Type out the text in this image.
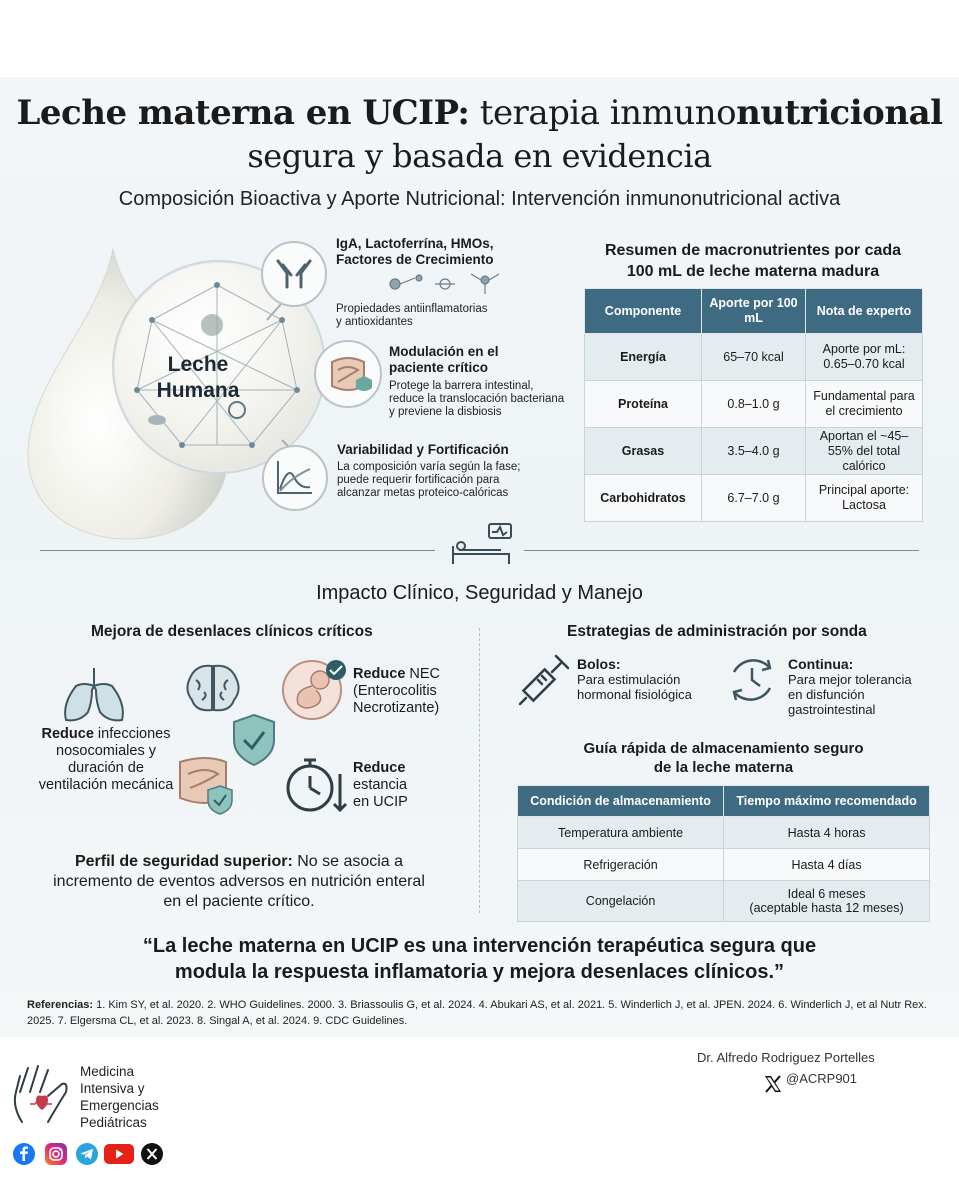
Leche materna en UCIP: terapia inmunonutricional
segura y basada en evidencia
Composición Bioactiva y Aporte Nutricional: Intervención inmunonutricional activa
Leche
Humana
IgA, Lactoferrína, HMOs,
Factores de Crecimiento
Propiedades antiinflamatorias
y antioxidantes
Modulación en el
paciente crítico
Protege la barrera intestinal,
reduce la translocación bacteriana
y previene la disbiosis
Variabilidad y Fortificación
La composición varía según la fase;
puede requerir fortificación para
alcanzar metas proteico-calóricas
Resumen de macronutrientes por cada
100 mL de leche materna madura
Componente	Aporte por 100 mL	Nota de experto
Energía	65–70 kcal	Aporte por mL: 0.65–0.70 kcal
Proteína	0.8–1.0 g	Fundamental para el crecimiento
Grasas	3.5–4.0 g	Aportan el ~45–55% del total calórico
Carbohidratos	6.7–7.0 g	Principal aporte: Lactosa
Impacto Clínico, Seguridad y Manejo
Mejora de desenlaces clínicos críticos
Reduce infecciones
nosocomiales y
duración de
ventilación mecánica
Reduce NEC
(Enterocolitis
Necrotizante)
Reduce
estancia
en UCIP
Perfil de seguridad superior: No se asocia a
incremento de eventos adversos en nutrición enteral
en el paciente crítico.
Estrategias de administración por sonda
Bolos:
Para estimulación
hormonal fisiológica
Continua:
Para mejor tolerancia
en disfunción
gastrointestinal
Guía rápida de almacenamiento seguro
de la leche materna
Condición de almacenamiento	Tiempo máximo recomendado
Temperatura ambiente	Hasta 4 horas
Refrigeración	Hasta 4 días
Congelación	Ideal 6 meses
(aceptable hasta 12 meses)
“La leche materna en UCIP es una intervención terapéutica segura que
modula la respuesta inflamatoria y mejora desenlaces clínicos.”
Referencias: 1. Kim SY, et al. 2020. 2. WHO Guidelines. 2000. 3. Briassoulis G, et al. 2024. 4. Abukari AS, et al. 2021. 5. Winderlich J, et al. JPEN. 2024. 6. Winderlich J, et al Nutr Rex. 2025. 7. Elgersma CL, et al. 2023. 8. Singal A, et al. 2024. 9. CDC Guidelines.
Medicina
Intensiva y
Emergencias
Pediátricas
Dr. Alfredo Rodriguez Portelles
@ACRP901
